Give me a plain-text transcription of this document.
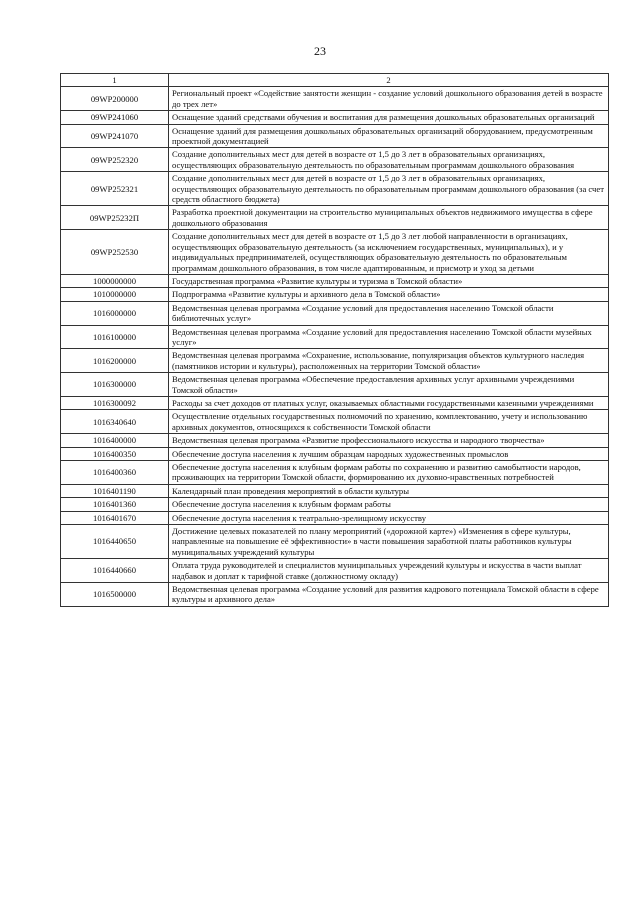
23
1	2
09WP200000	Региональный проект «Содействие занятости женщин - создание условий дошкольного образования детей в возрасте до трех лет»
09WP241060	Оснащение зданий средствами обучения и воспитания для размещения дошкольных образовательных организаций
09WP241070	Оснащение зданий для размещения дошкольных образовательных организаций оборудованием, предусмотренным проектной документацией
09WP252320	Создание дополнительных мест для детей в возрасте от 1,5 до 3 лет в образовательных организациях, осуществляющих образовательную деятельность по образовательным программам дошкольного образования
09WP252321	Создание дополнительных мест для детей в возрасте от 1,5 до 3 лет в образовательных организациях, осуществляющих образовательную деятельность по образовательным программам дошкольного образования (за счет средств областного бюджета)
09WP25232П	Разработка проектной документации на строительство муниципальных объектов недвижимого имущества в сфере дошкольного образования
09WP252530	Создание дополнительных мест для детей в возрасте от 1,5 до 3 лет любой направленности в организациях, осуществляющих образовательную деятельность (за исключением государственных, муниципальных), и у индивидуальных предпринимателей, осуществляющих образовательную деятельность по образовательным программам дошкольного образования, в том числе адаптированным, и присмотр и уход за детьми
1000000000	Государственная программа «Развитие культуры и туризма в Томской области»
1010000000	Подпрограмма «Развитие культуры и архивного дела в Томской области»
1016000000	Ведомственная целевая программа «Создание условий для предоставления населению Томской области библиотечных услуг»
1016100000	Ведомственная целевая программа «Создание условий для предоставления населению Томской области музейных услуг»
1016200000	Ведомственная целевая программа «Сохранение, использование, популяризация объектов культурного наследия (памятников истории и культуры), расположенных на территории Томской области»
1016300000	Ведомственная целевая программа «Обеспечение предоставления архивных услуг архивными учреждениями Томской области»
1016300092	Расходы за счет доходов от платных услуг, оказываемых областными государственными казенными учреждениями
1016340640	Осуществление отдельных государственных полномочий по хранению, комплектованию, учету и использованию архивных документов, относящихся к собственности Томской области
1016400000	Ведомственная целевая программа «Развитие профессионального искусства и народного творчества»
1016400350	Обеспечение доступа населения к лучшим образцам народных художественных промыслов
1016400360	Обеспечение доступа населения к клубным формам работы по сохранению и развитию самобытности народов, проживающих на территории Томской области, формированию их духовно-нравственных потребностей
1016401190	Календарный план проведения мероприятий в области культуры
1016401360	Обеспечение доступа населения к клубным формам работы
1016401670	Обеспечение доступа населения к театрально-зрелищному искусству
1016440650	Достижение целевых показателей по плану мероприятий («дорожной карте») «Изменения в сфере культуры, направленные на повышение её эффективности» в части повышения заработной платы работников культуры муниципальных учреждений культуры
1016440660	Оплата труда руководителей и специалистов муниципальных учреждений культуры и искусства в части выплат надбавок и доплат к тарифной ставке (должностному окладу)
1016500000	Ведомственная целевая программа «Создание условий для развития кадрового потенциала Томской области в сфере культуры и архивного дела»
